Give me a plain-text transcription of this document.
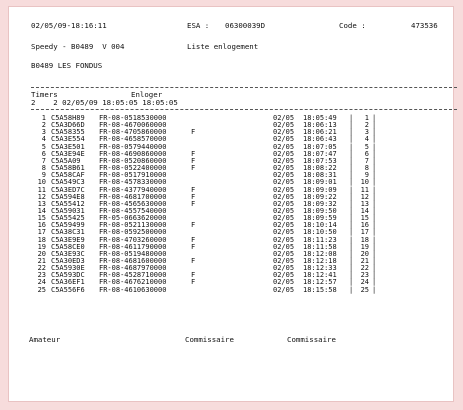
02/05/09-18:16:11	ESA : 06300039D	Code :	473536
Speedy - B0489  V 004	Liste enlogement
B0489 LES FONDUS
Timers	Enloger
2    2 02/05/09 18:05:05 18:05:05
1 C5A58H89 FR-08-0518530000	02/05 18:05:49	1
|	|
2 C5A3D66D FR-08-4670060000	02/05 18:06:13	2
|	|
3 C5A58355 FR-08-4705860000	F	02/05 18:06:21	3
|	|
4 C5A3E554 FR-08-4658570000	02/05 18:06:43	4
|	|
5 C5A3E501 FR-08-0579440000	02/05 18:07:05	5
|	|
6 C5A3E94E FR-08-4690860000	F	02/05 18:07:47	6
|	|
7 C5A5A09	FR-08-0520860000	F	02/05 18:07:53	7
|	|
8 C5A58B61 FR-08-0522400000	F	02/05 18:08:22	8
|	|
9 C5A58CAF FR-08-0517910000	02/05 18:08:31	9
|	|
10 C5A549C3 FR-08-4578330000	02/05 18:09:01	10
|	|
11 C5A3ED7C FR-08-4377940000	F	02/05 18:09:09	11
|	|
12 C5A594E8 FR-08-4681700000	F	02/05 18:09:22	12
|	|
13 C5A55412 FR-08-4565630000	F	02/05 18:09:32	13
|	|
14 C5A59031 FR-08-4557540000	02/05 18:09:50	14
|	|
15 C5A55425 FR-05-0663620000	02/05 18:09:59	15
|	|
16 C5A59499 FR-08-0521130000	F	02/05 18:10:14	16
|	|
17 C5A38C31 FR-08-0592500000	02/05 18:10:50	17
|	|
18 C5A3E9E9 FR-08-4703260000	F	02/05 18:11:23	18
|	|
19 C5A58CE0 FR-08-4611790000	F	02/05 18:11:58	19
|	|
20 C5A3E93C FR-08-0519480000	02/05 18:12:08	20
|	|
21 C5A30ED3 FR-08-4681600000	F	02/05 18:12:18	21
|	|
22 C5A5930E FR-08-4687970000	02/05 18:12:33	22
|	|
23 C5A593DC FR-08-4528710000	F	02/05 18:12:41	23
|	|
24 C5A36EF1 FR-08-4676210000	F	02/05 18:12:57	24
|	|
25 C5A556F6 FR-08-4610630000	02/05 18:15:58	25
|	|
Amateur	Commissaire	Commissaire
